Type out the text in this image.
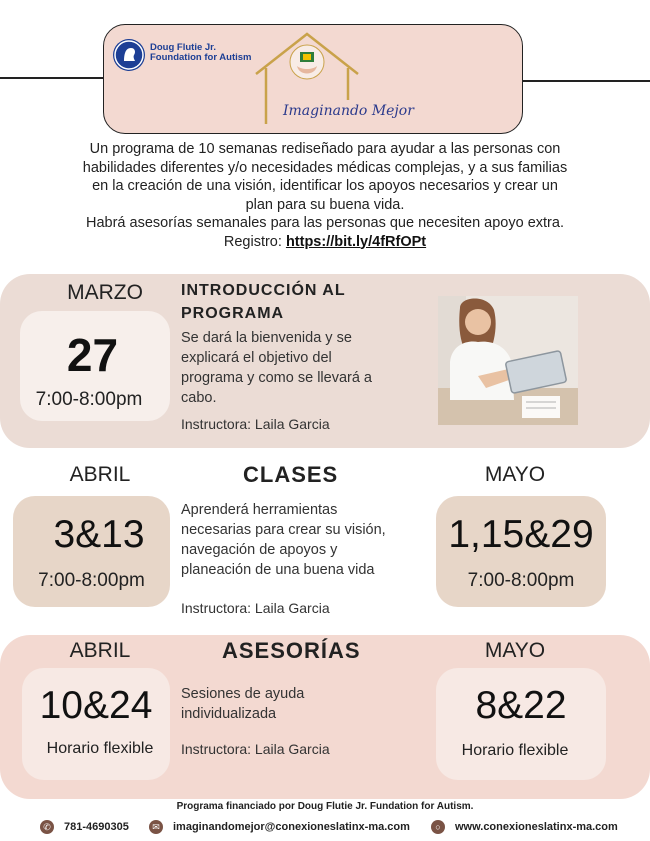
FLUTIE
Doug Flutie Jr.
Foundation for Autism
Imaginando Mejor
Un programa de 10 semanas rediseñado para ayudar a las personas con
habilidades diferentes y/o necesidades médicas complejas, y a sus familias
en la creación de una visión, identificar los apoyos necesarios y crear un
plan para su buena vida.
Habrá asesorías semanales para las personas que necesiten apoyo extra.
Registro: https://bit.ly/4fRfOPt
MARZO
27
7:00-8:00pm
INTRODUCCIÓN AL
PROGRAMA
Se dará la bienvenida y se
explicará el objetivo del
programa y como se llevará a
cabo.
Instructora: Laila Garcia
ABRIL
3&13
7:00-8:00pm
CLASES
Aprenderá herramientas
necesarias para crear su visión,
navegación de apoyos y
planeación de una buena vida
Instructora: Laila Garcia
MAYO
1,15&29
7:00-8:00pm
ABRIL
10&24
Horario flexible
ASESORÍAS
Sesiones de ayuda
individualizada
Instructora: Laila Garcia
MAYO
8&22
Horario flexible
Programa financiado por Doug Flutie Jr. Fundation for Autism.
✆ 781-4690305	✉ imaginandomejor@conexioneslatinx-ma.com	○	www.conexioneslatinx-ma.com
